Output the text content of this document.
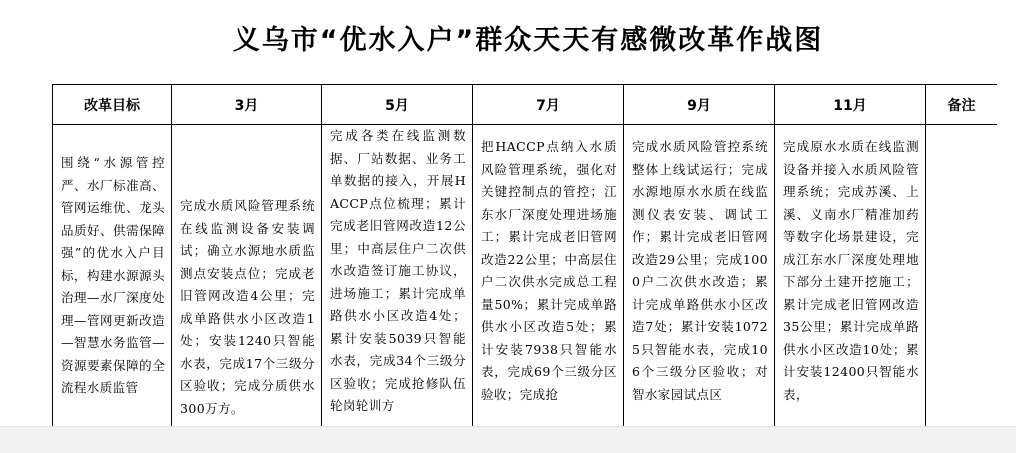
义乌市“优水入户”群众天天有感微改革作战图
改革目标	3月	5月	7月	9月	11月	备注

围绕“水源管控严、水厂标准高、管网运维优、龙头品质好、供需保障强”的优水入户目标，构建水源源头治理—水厂深度处理—管网更新改造—智慧水务监管—资源要素保障的全流程水质监管	完成水质风险管理系统在线监测设备安装调试；确立水源地水质监测点安装点位；完成老旧管网改造4公里；完成单路供水小区改造1处；安装1240只智能水表，完成17个三级分区验收；完成分质供水300万方。	完成各类在线监测数据、厂站数据、业务工单数据的接入，开展HACCP点位梳理；累计完成老旧管网改造12公里；中高层住户二次供水改造签订施工协议，进场施工；累计完成单路供水小区改造4处；累计安装5039只智能水表，完成34个三级分区验收；完成抢修队伍轮岗轮训方	把HACCP点纳入水质风险管理系统，强化对关键控制点的管控；江东水厂深度处理进场施工；累计完成老旧管网改造22公里；中高层住户二次供水完成总工程量50%；累计完成单路供水小区改造5处；累计安装7938只智能水表，完成69个三级分区验收；完成抢	完成水质风险管控系统整体上线试运行；完成水源地原水水质在线监测仪表安装、调试工作；累计完成老旧管网改造29公里；完成1000户二次供水改造；累计完成单路供水小区改造7处；累计安装10725只智能水表，完成106个三级分区验收；对智水家园试点区	完成原水水质在线监测设备并接入水质风险管理系统；完成苏溪、上溪、义南水厂精准加药等数字化场景建设，完成江东水厂深度处理地下部分土建开挖施工；累计完成老旧管网改造35公里；累计完成单路供水小区改造10处；累计安装12400只智能水表，	
